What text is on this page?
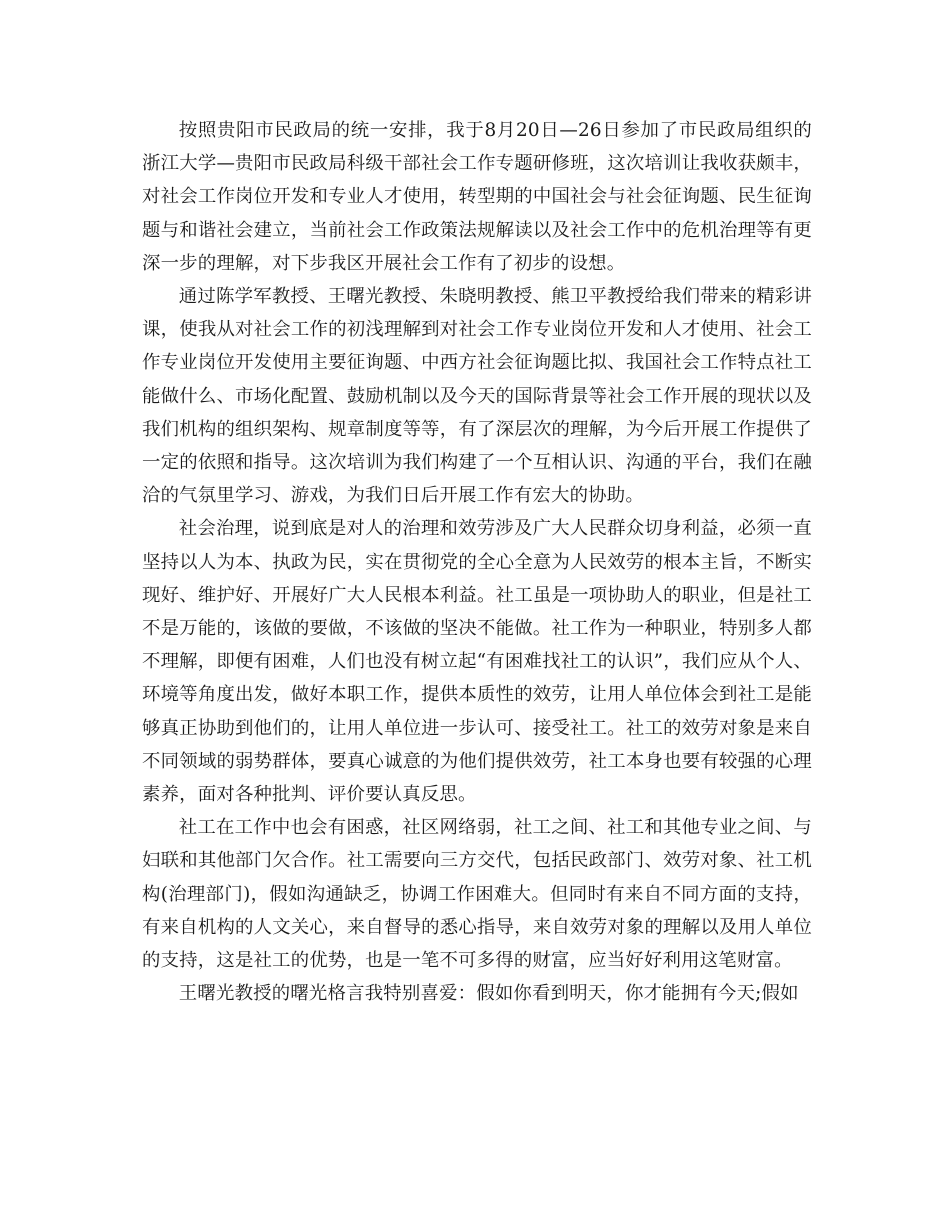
按照贵阳市民政局的统一安排，我于8月20日—26日参加了市民政局组织的浙江大学—贵阳市民政局科级干部社会工作专题研修班，这次培训让我收获颇丰，对社会工作岗位开发和专业人才使用，转型期的中国社会与社会征询题、民生征询题与和谐社会建立，当前社会工作政策法规解读以及社会工作中的危机治理等有更深一步的理解，对下步我区开展社会工作有了初步的设想。

通过陈学军教授、王曙光教授、朱晓明教授、熊卫平教授给我们带来的精彩讲课，使我从对社会工作的初浅理解到对社会工作专业岗位开发和人才使用、社会工作专业岗位开发使用主要征询题、中西方社会征询题比拟、我国社会工作特点社工能做什么、市场化配置、鼓励机制以及今天的国际背景等社会工作开展的现状以及我们机构的组织架构、规章制度等等，有了深层次的理解，为今后开展工作提供了一定的依照和指导。这次培训为我们构建了一个互相认识、沟通的平台，我们在融洽的气氛里学习、游戏，为我们日后开展工作有宏大的协助。

社会治理，说到底是对人的治理和效劳涉及广大人民群众切身利益，必须一直坚持以人为本、执政为民，实在贯彻党的全心全意为人民效劳的根本主旨，不断实现好、维护好、开展好广大人民根本利益。社工虽是一项协助人的职业，但是社工不是万能的，该做的要做，不该做的坚决不能做。社工作为一种职业，特别多人都不理解，即便有困难，人们也没有树立起“有困难找社工的认识”，我们应从个人、环境等角度出发，做好本职工作，提供本质性的效劳，让用人单位体会到社工是能够真正协助到他们的，让用人单位进一步认可、接受社工。社工的效劳对象是来自不同领域的弱势群体，要真心诚意的为他们提供效劳，社工本身也要有较强的心理素养，面对各种批判、评价要认真反思。

社工在工作中也会有困惑，社区网络弱，社工之间、社工和其他专业之间、与妇联和其他部门欠合作。社工需要向三方交代，包括民政部门、效劳对象、社工机构(治理部门)，假如沟通缺乏，协调工作困难大。但同时有来自不同方面的支持，有来自机构的人文关心，来自督导的悉心指导，来自效劳对象的理解以及用人单位的支持，这是社工的优势，也是一笔不可多得的财富，应当好好利用这笔财富。

王曙光教授的曙光格言我特别喜爱：假如你看到明天，你才能拥有今天;假如
